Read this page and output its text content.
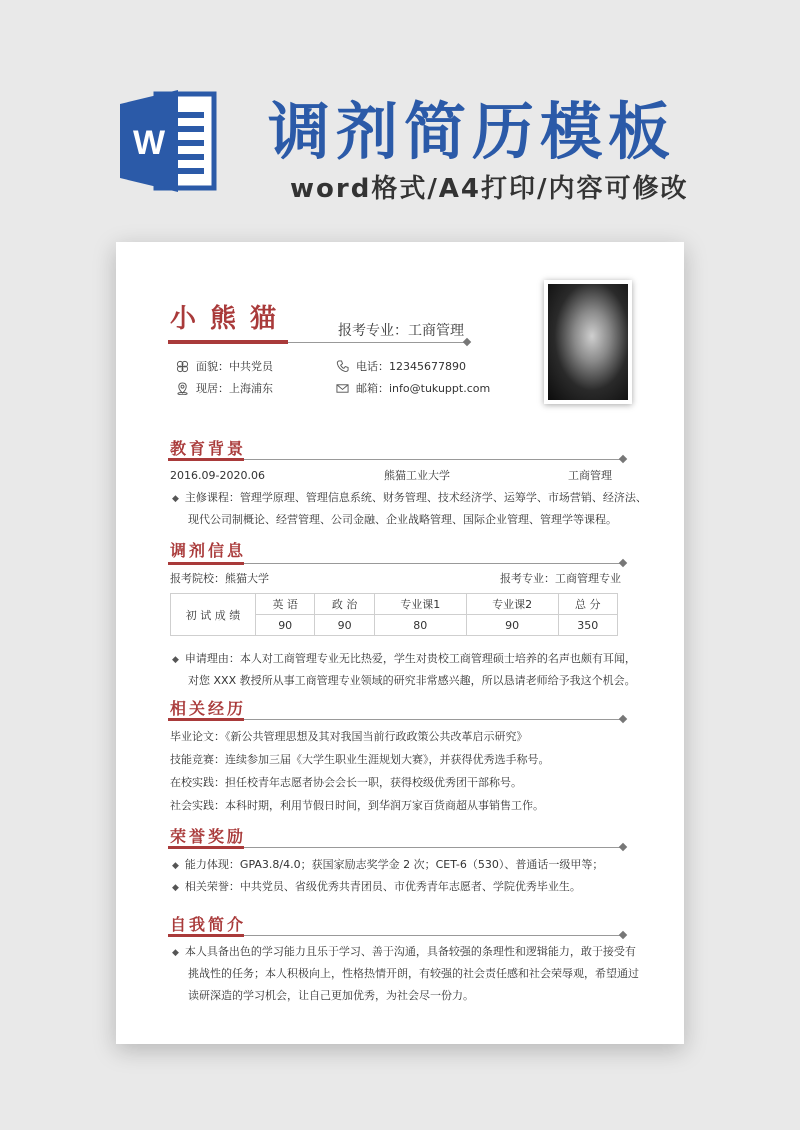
W 调剂简历模板
word格式/A4打印/内容可修改
小熊猫	报考专业：工商管理
面貌：中共党员	电话：12345677890
现居：上海浦东	邮箱：info@tukuppt.com
教育背景
2016.09-2020.06	熊猫工业大学	工商管理
◆ 主修课程：管理学原理、管理信息系统、财务管理、技术经济学、运筹学、市场营销、经济法、
现代公司制概论、经营管理、公司金融、企业战略管理、国际企业管理、管理学等课程。
调剂信息
报考院校：熊猫大学	报考专业：工商管理专业
初 试 成 绩	英 语	政 治	专业课1	专业课2	总 分
	90	90	80	90	350
◆ 申请理由：本人对工商管理专业无比热爱，学生对贵校工商管理硕士培养的名声也颇有耳闻，
对您 XXX 教授所从事工商管理专业领域的研究非常感兴趣，所以恳请老师给予我这个机会。
相关经历
毕业论文：《新公共管理思想及其对我国当前行政政策公共改革启示研究》
技能竞赛：连续参加三届《大学生职业生涯规划大赛》，并获得优秀选手称号。
在校实践：担任校青年志愿者协会会长一职，获得校级优秀团干部称号。
社会实践：本科时期，利用节假日时间，到华润万家百货商超从事销售工作。
荣誉奖励
◆ 能力体现：GPA3.8/4.0；获国家励志奖学金 2 次；CET-6（530）、普通话一级甲等；
◆ 相关荣誉：中共党员、省级优秀共青团员、市优秀青年志愿者、学院优秀毕业生。
自我简介
◆ 本人具备出色的学习能力且乐于学习、善于沟通，具备较强的条理性和逻辑能力，敢于接受有
挑战性的任务；本人积极向上，性格热情开朗，有较强的社会责任感和社会荣辱观，希望通过
读研深造的学习机会，让自己更加优秀，为社会尽一份力。
